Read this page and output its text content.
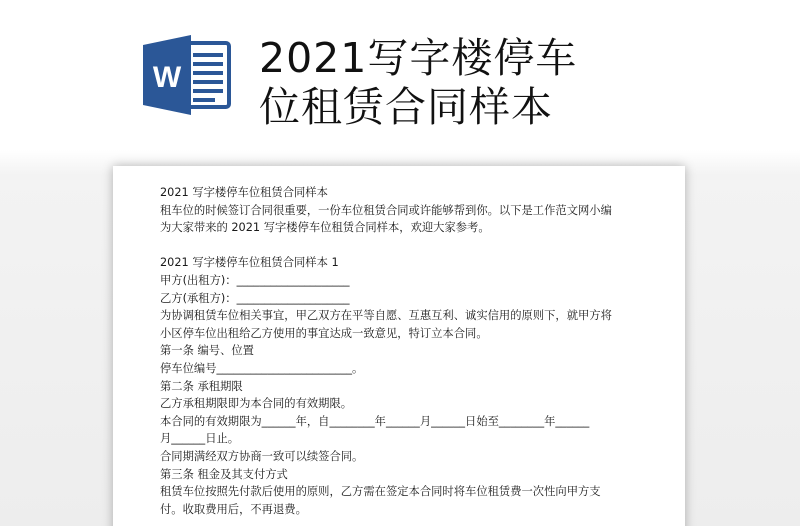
W 2021写字楼停车
位租赁合同样本
2021 写字楼停车位租赁合同样本
租车位的时候签订合同很重要，一份车位租赁合同或许能够帮到你。以下是工作范文网小编
为大家带来的 2021 写字楼停车位租赁合同样本，欢迎大家参考。
2021 写字楼停车位租赁合同样本 1
甲方(出租方)：____________________
乙方(承租方)：____________________
为协调租赁车位相关事宜，甲乙双方在平等自愿、互惠互利、诚实信用的原则下，就甲方将
小区停车位出租给乙方使用的事宜达成一致意见，特订立本合同。
第一条 编号、位置
停车位编号________________________。
第二条 承租期限
乙方承租期限即为本合同的有效期限。
本合同的有效期限为______年，自________年______月______日始至________年______
月______日止。
合同期满经双方协商一致可以续签合同。
第三条 租金及其支付方式
租赁车位按照先付款后使用的原则，乙方需在签定本合同时将车位租赁费一次性向甲方支
付。收取费用后，不再退费。
